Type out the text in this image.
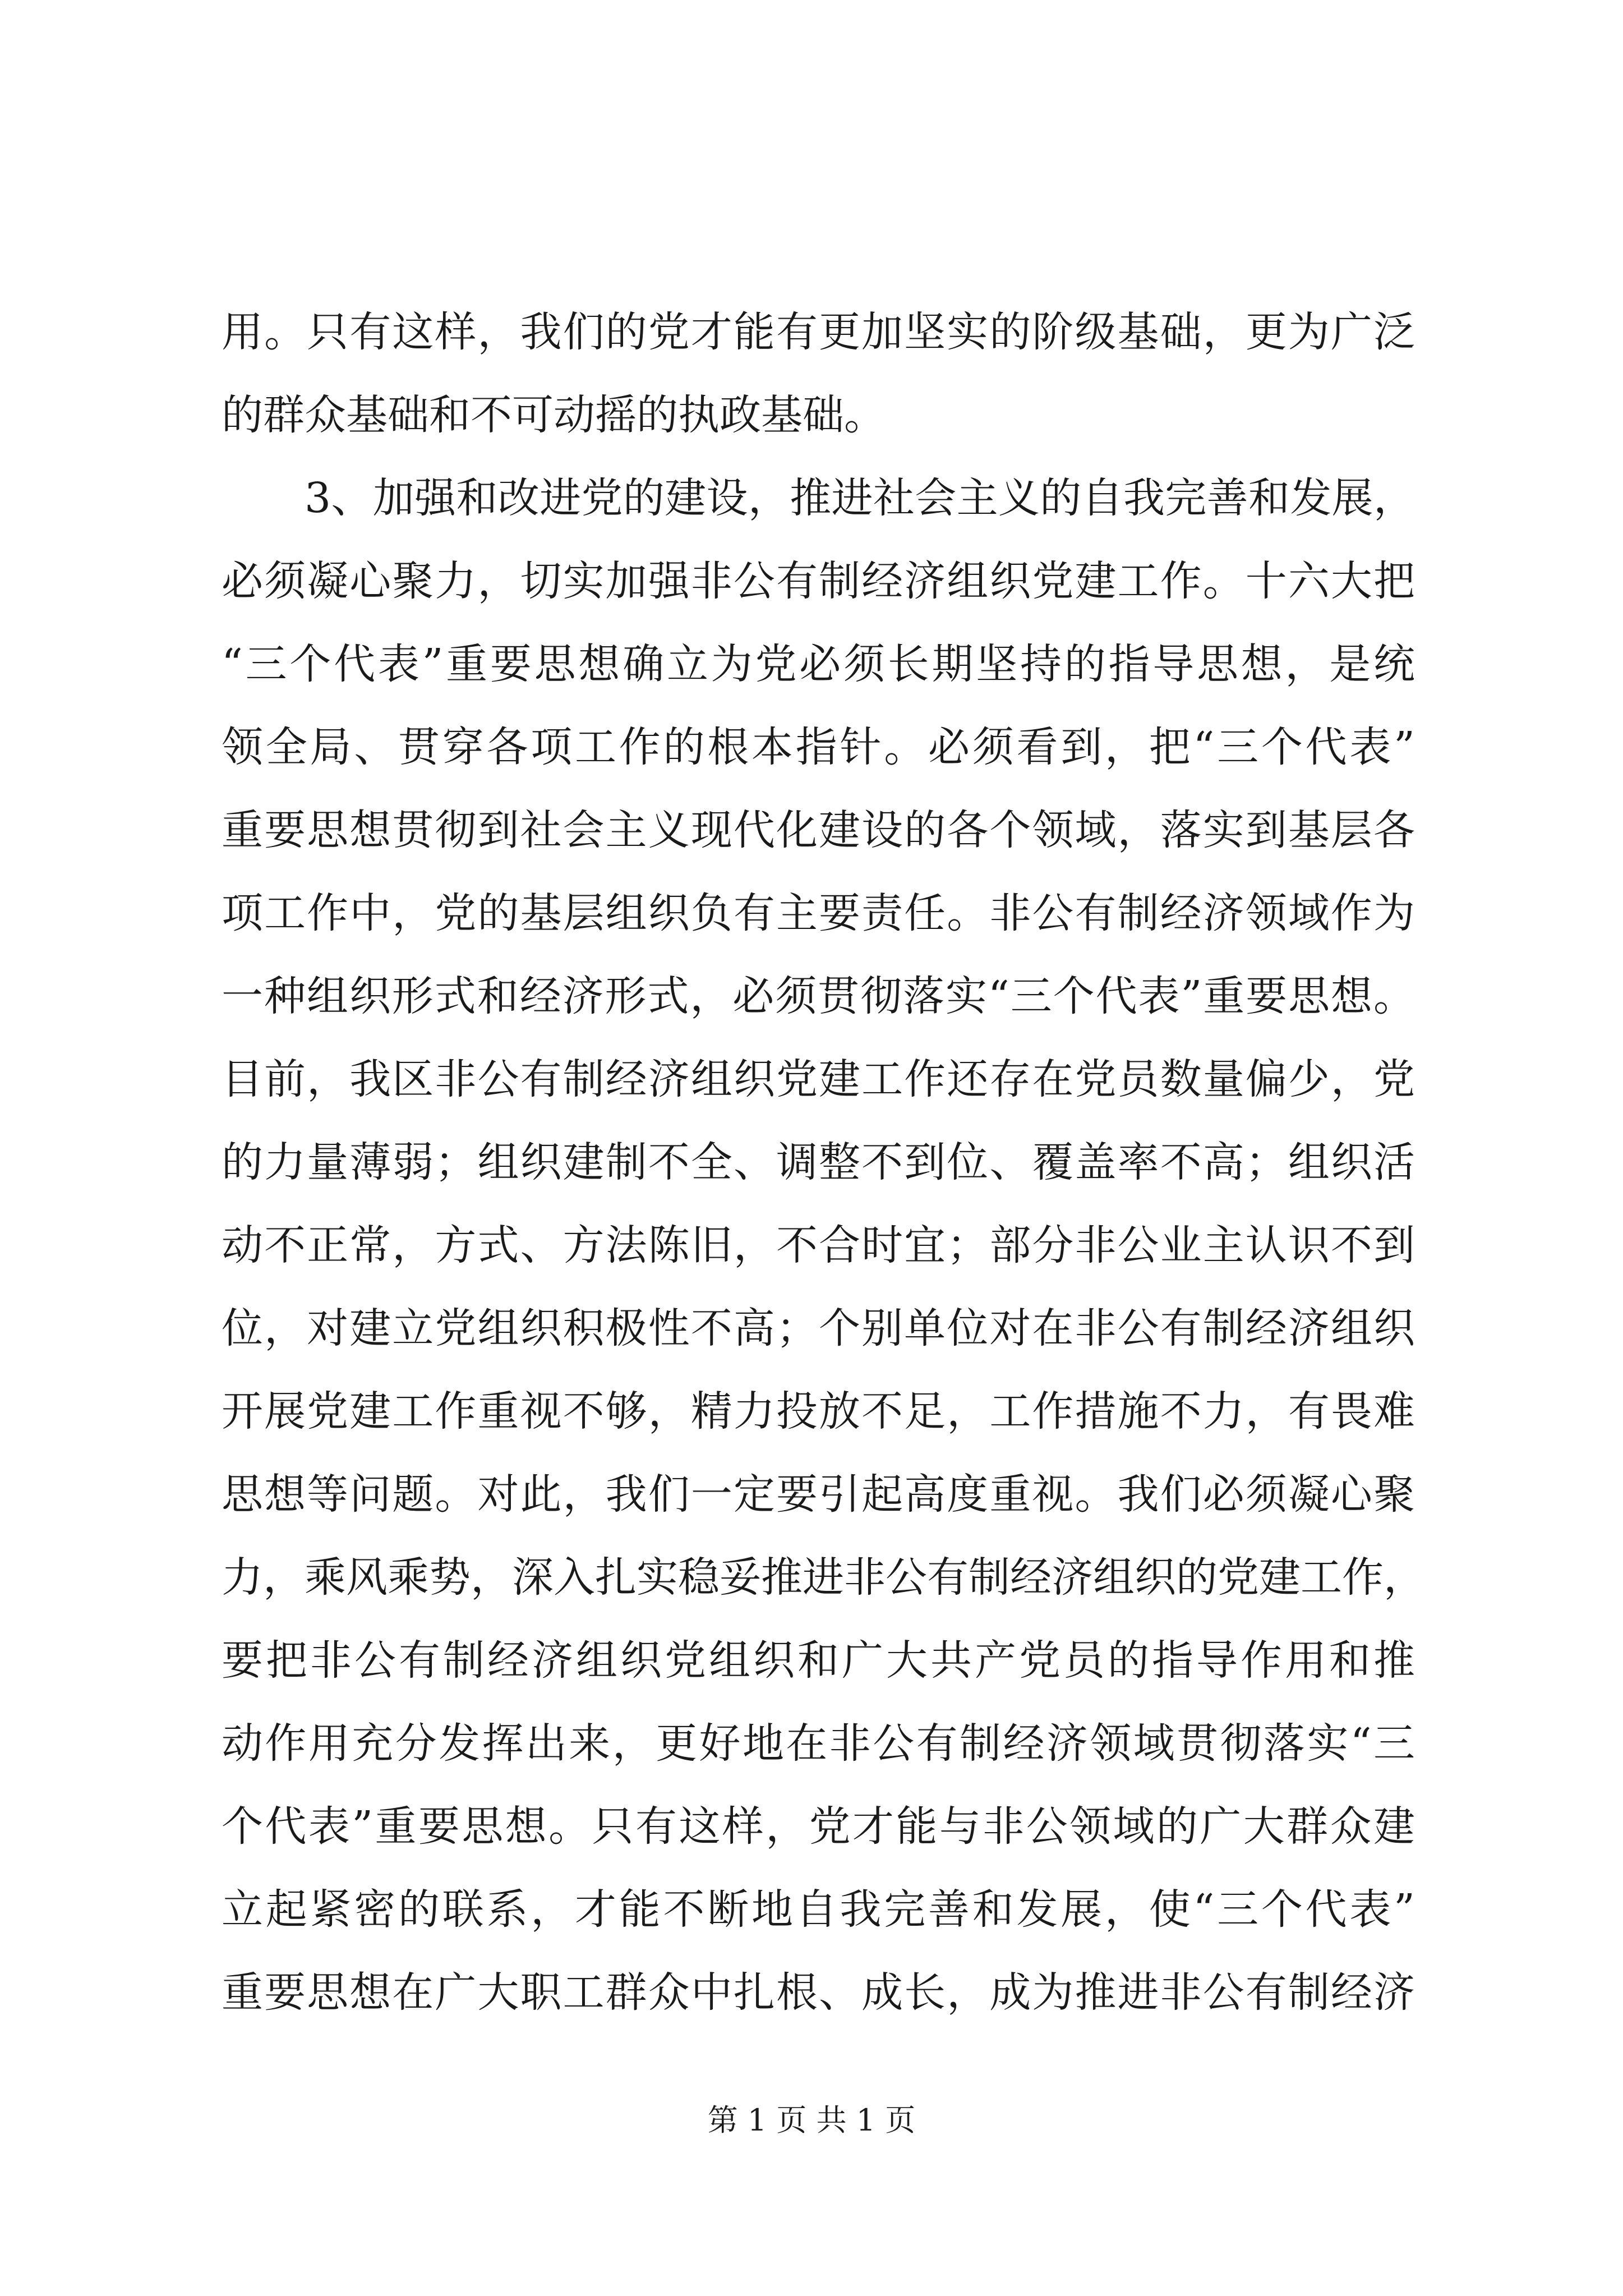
用。只有这样，我们的党才能有更加坚实的阶级基础，更为广泛
的群众基础和不可动摇的执政基础。
3、加强和改进党的建设，推进社会主义的自我完善和发展，
必须凝心聚力，切实加强非公有制经济组织党建工作。十六大把
“三个代表”重要思想确立为党必须长期坚持的指导思想，是统
领全局、贯穿各项工作的根本指针。必须看到，把“三个代表”
重要思想贯彻到社会主义现代化建设的各个领域，落实到基层各
项工作中，党的基层组织负有主要责任。非公有制经济领域作为
一种组织形式和经济形式，必须贯彻落实“三个代表”重要思想。
目前，我区非公有制经济组织党建工作还存在党员数量偏少，党
的力量薄弱；组织建制不全、调整不到位、覆盖率不高；组织活
动不正常，方式、方法陈旧，不合时宜；部分非公业主认识不到
位，对建立党组织积极性不高；个别单位对在非公有制经济组织
开展党建工作重视不够，精力投放不足，工作措施不力，有畏难
思想等问题。对此，我们一定要引起高度重视。我们必须凝心聚
力，乘风乘势，深入扎实稳妥推进非公有制经济组织的党建工作，
要把非公有制经济组织党组织和广大共产党员的指导作用和推
动作用充分发挥出来，更好地在非公有制经济领域贯彻落实“三
个代表”重要思想。只有这样，党才能与非公领域的广大群众建
立起紧密的联系，才能不断地自我完善和发展，使“三个代表”
重要思想在广大职工群众中扎根、成长，成为推进非公有制经济
第 1 页 共 1 页
